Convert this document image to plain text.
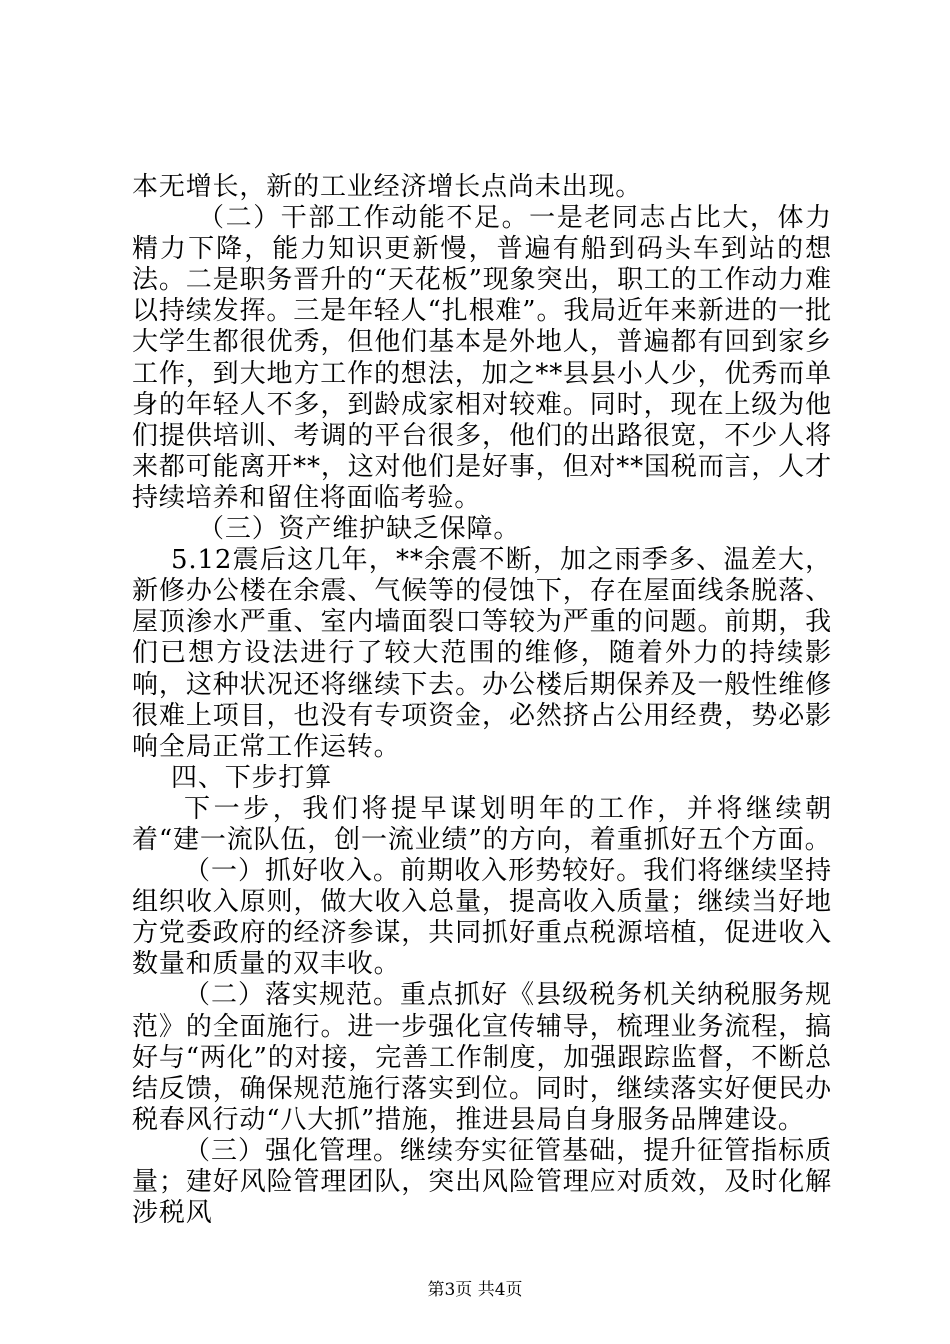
本无增长，新的工业经济增长点尚未出现。

（二）干部工作动能不足。一是老同志占比大，体力精力下降，能力知识更新慢，普遍有船到码头车到站的想法。二是职务晋升的“天花板”现象突出，职工的工作动力难以持续发挥。三是年轻人“扎根难”。我局近年来新进的一批大学生都很优秀，但他们基本是外地人，普遍都有回到家乡工作，到大地方工作的想法，加之**县县小人少，优秀而单身的年轻人不多，到龄成家相对较难。同时，现在上级为他们提供培训、考调的平台很多，他们的出路很宽，不少人将来都可能离开**，这对他们是好事，但对**国税而言，人才持续培养和留住将面临考验。

（三）资产维护缺乏保障。

5.12震后这几年，**余震不断，加之雨季多、温差大，新修办公楼在余震、气候等的侵蚀下，存在屋面线条脱落、屋顶渗水严重、室内墙面裂口等较为严重的问题。前期，我们已想方设法进行了较大范围的维修，随着外力的持续影响，这种状况还将继续下去。办公楼后期保养及一般性维修很难上项目，也没有专项资金，必然挤占公用经费，势必影响全局正常工作运转。

四、下步打算

下一步，我们将提早谋划明年的工作，并将继续朝着“建一流队伍，创一流业绩”的方向，着重抓好五个方面。

（一）抓好收入。前期收入形势较好。我们将继续坚持组织收入原则，做大收入总量，提高收入质量；继续当好地方党委政府的经济参谋，共同抓好重点税源培植，促进收入数量和质量的双丰收。

（二）落实规范。重点抓好《县级税务机关纳税服务规范》的全面施行。进一步强化宣传辅导，梳理业务流程，搞好与“两化”的对接，完善工作制度，加强跟踪监督，不断总结反馈，确保规范施行落实到位。同时，继续落实好便民办税春风行动“八大抓”措施，推进县局自身服务品牌建设。

（三）强化管理。继续夯实征管基础，提升征管指标质量；建好风险管理团队，突出风险管理应对质效，及时化解涉税风

第3页 共4页
